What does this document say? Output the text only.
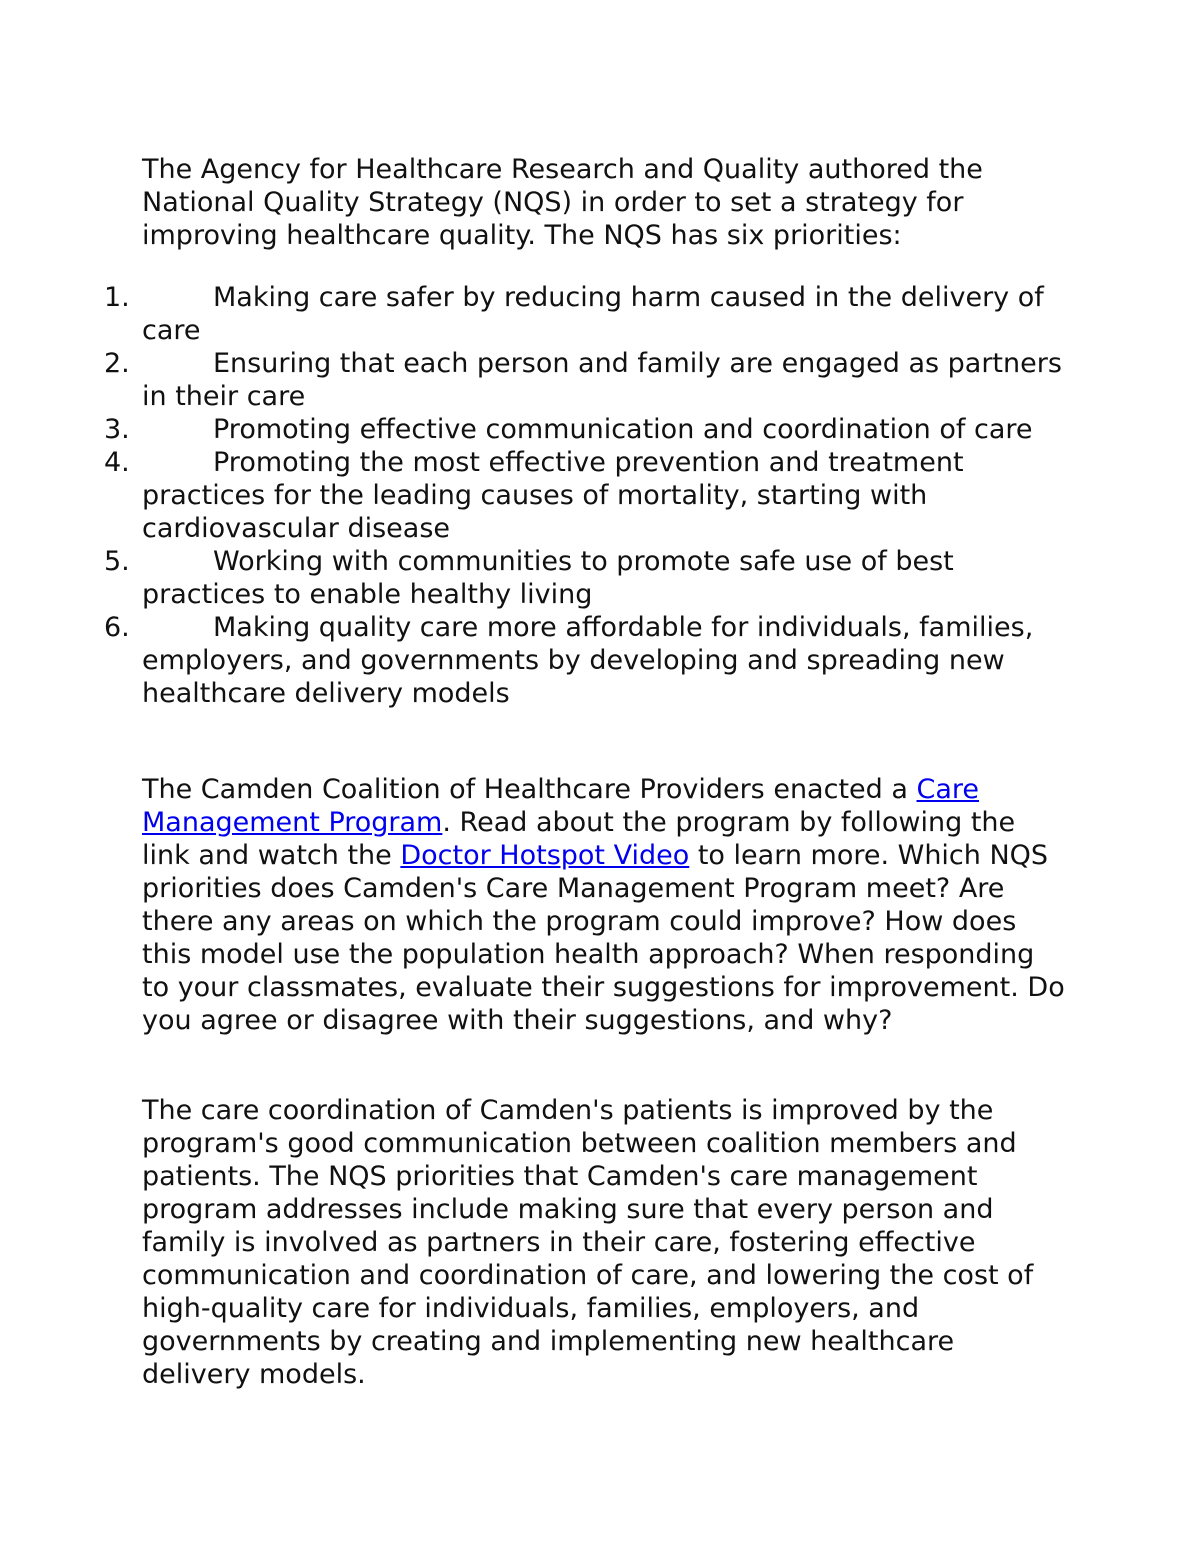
The Agency for Healthcare Research and Quality authored the National Quality Strategy (NQS) in order to set a strategy for improving healthcare quality. The NQS has six priorities:

1.	Making care safer by reducing harm caused in the delivery of care
2.	Ensuring that each person and family are engaged as partners in their care
3.	Promoting effective communication and coordination of care
4.	Promoting the most effective prevention and treatment practices for the leading causes of mortality, starting with cardiovascular disease
5.	Working with communities to promote safe use of best practices to enable healthy living
6.	Making quality care more affordable for individuals, families, employers, and governments by developing and spreading new healthcare delivery models

The Camden Coalition of Healthcare Providers enacted a Care Management Program. Read about the program by following the link and watch the Doctor Hotspot Video to learn more. Which NQS priorities does Camden's Care Management Program meet? Are there any areas on which the program could improve? How does this model use the population health approach? When responding to your classmates, evaluate their suggestions for improvement. Do you agree or disagree with their suggestions, and why?

The care coordination of Camden's patients is improved by the program's good communication between coalition members and patients. The NQS priorities that Camden's care management program addresses include making sure that every person and family is involved as partners in their care, fostering effective communication and coordination of care, and lowering the cost of high-quality care for individuals, families, employers, and governments by creating and implementing new healthcare delivery models.
